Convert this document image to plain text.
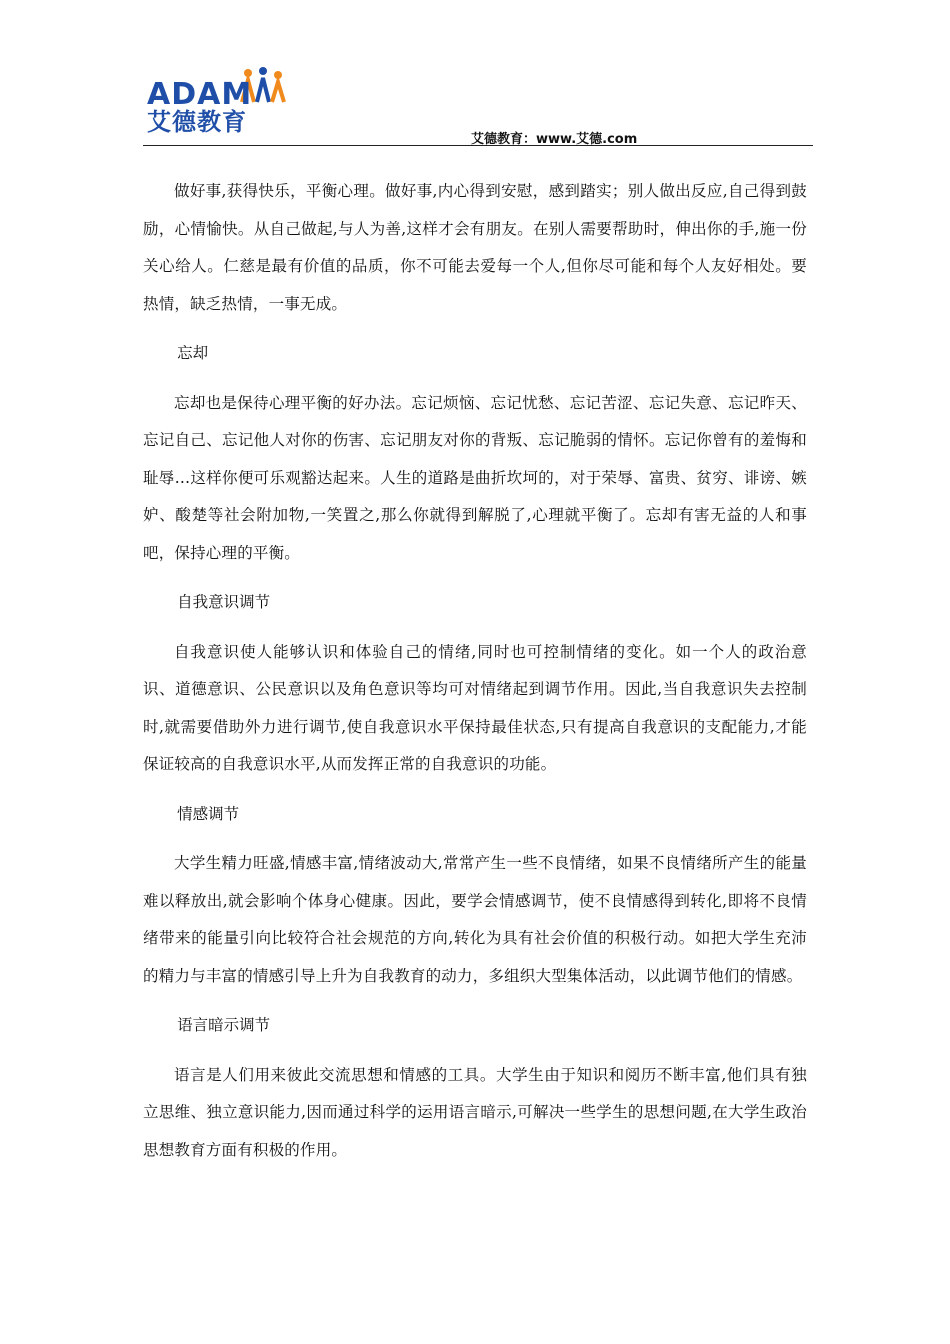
ADAM
艾德教育
艾德教育：www.艾德.com

做好事,获得快乐，平衡心理。做好事,内心得到安慰，感到踏实；别人做出反应,自己得到鼓励，心情愉快。从自己做起,与人为善,这样才会有朋友。在别人需要帮助时，伸出你的手,施一份关心给人。仁慈是最有价值的品质，你不可能去爱每一个人,但你尽可能和每个人友好相处。要热情，缺乏热情，一事无成。

忘却

忘却也是保待心理平衡的好办法。忘记烦恼、忘记忧愁、忘记苦涩、忘记失意、忘记昨天、忘记自己、忘记他人对你的伤害、忘记朋友对你的背叛、忘记脆弱的情怀。忘记你曾有的羞悔和耻辱…这样你便可乐观豁达起来。人生的道路是曲折坎坷的，对于荣辱、富贵、贫穷、诽谤、嫉妒、酸楚等社会附加物,一笑置之,那么你就得到解脱了,心理就平衡了。忘却有害无益的人和事吧，保持心理的平衡。

自我意识调节

自我意识使人能够认识和体验自己的情绪,同时也可控制情绪的变化。如一个人的政治意识、道德意识、公民意识以及角色意识等均可对情绪起到调节作用。因此,当自我意识失去控制时,就需要借助外力进行调节,使自我意识水平保持最佳状态,只有提高自我意识的支配能力,才能保证较高的自我意识水平,从而发挥正常的自我意识的功能。

情感调节

大学生精力旺盛,情感丰富,情绪波动大,常常产生一些不良情绪，如果不良情绪所产生的能量难以释放出,就会影响个体身心健康。因此，要学会情感调节，使不良情感得到转化,即将不良情绪带来的能量引向比较符合社会规范的方向,转化为具有社会价值的积极行动。如把大学生充沛的精力与丰富的情感引导上升为自我教育的动力，多组织大型集体活动，以此调节他们的情感。

语言暗示调节

语言是人们用来彼此交流思想和情感的工具。大学生由于知识和阅历不断丰富,他们具有独立思维、独立意识能力,因而通过科学的运用语言暗示,可解决一些学生的思想问题,在大学生政治思想教育方面有积极的作用。
